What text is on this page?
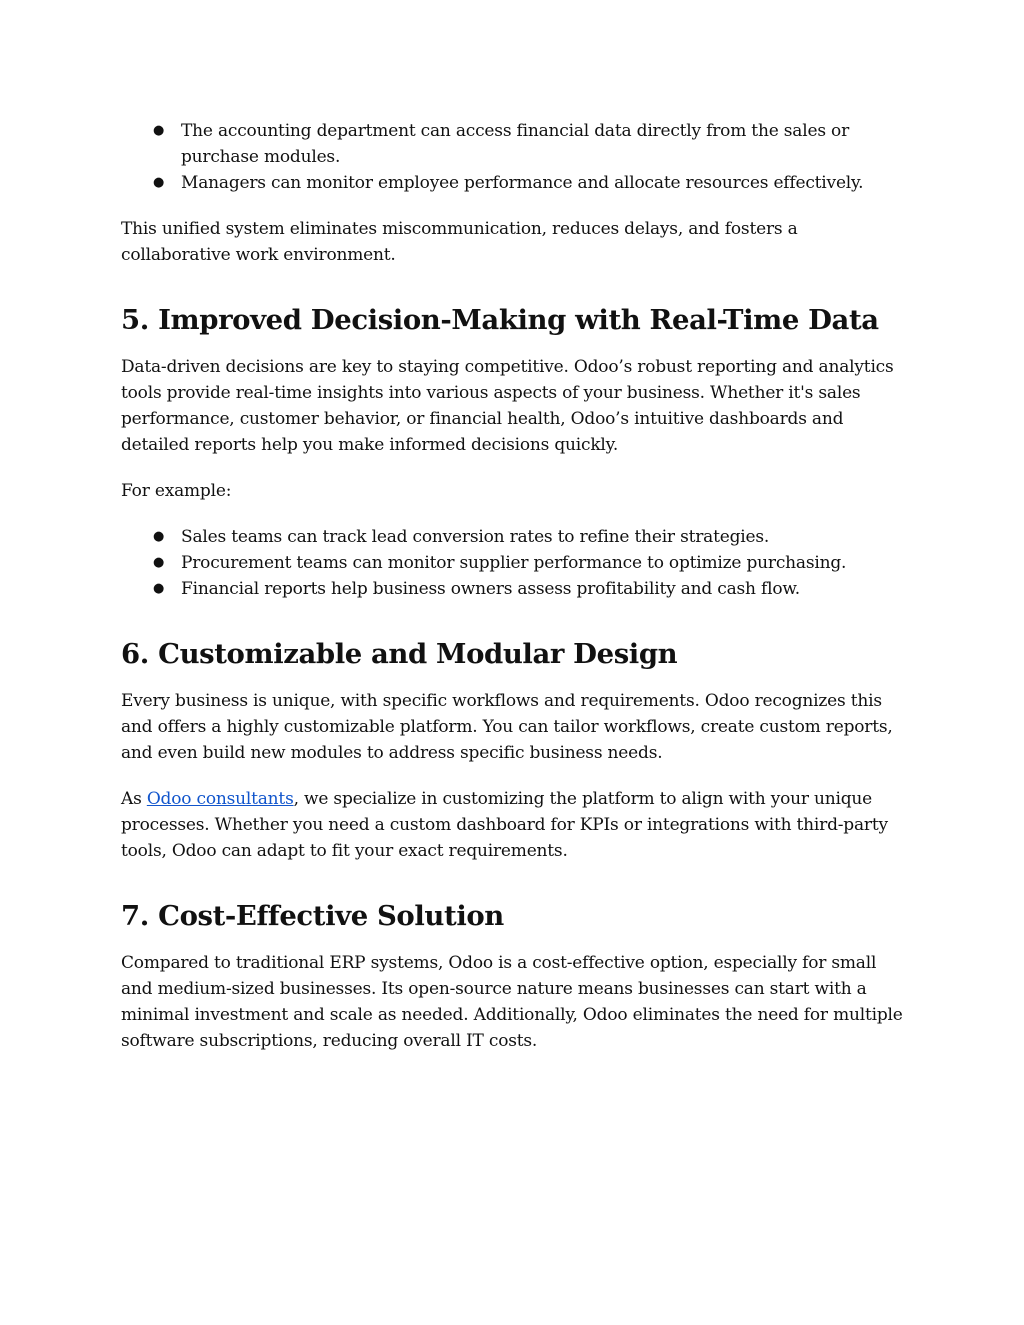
● The accounting department can access financial data directly from the sales or purchase modules.
● Managers can monitor employee performance and allocate resources effectively.

This unified system eliminates miscommunication, reduces delays, and fosters a collaborative work environment.

5. Improved Decision-Making with Real-Time Data

Data-driven decisions are key to staying competitive. Odoo’s robust reporting and analytics tools provide real-time insights into various aspects of your business. Whether it's sales performance, customer behavior, or financial health, Odoo’s intuitive dashboards and detailed reports help you make informed decisions quickly.

For example:

● Sales teams can track lead conversion rates to refine their strategies.
● Procurement teams can monitor supplier performance to optimize purchasing.
● Financial reports help business owners assess profitability and cash flow.
6. Customizable and Modular Design

Every business is unique, with specific workflows and requirements. Odoo recognizes this and offers a highly customizable platform. You can tailor workflows, create custom reports, and even build new modules to address specific business needs.

As Odoo consultants, we specialize in customizing the platform to align with your unique processes. Whether you need a custom dashboard for KPIs or integrations with third-party tools, Odoo can adapt to fit your exact requirements.

7. Cost-Effective Solution

Compared to traditional ERP systems, Odoo is a cost-effective option, especially for small and medium-sized businesses. Its open-source nature means businesses can start with a minimal investment and scale as needed. Additionally, Odoo eliminates the need for multiple software subscriptions, reducing overall IT costs.
